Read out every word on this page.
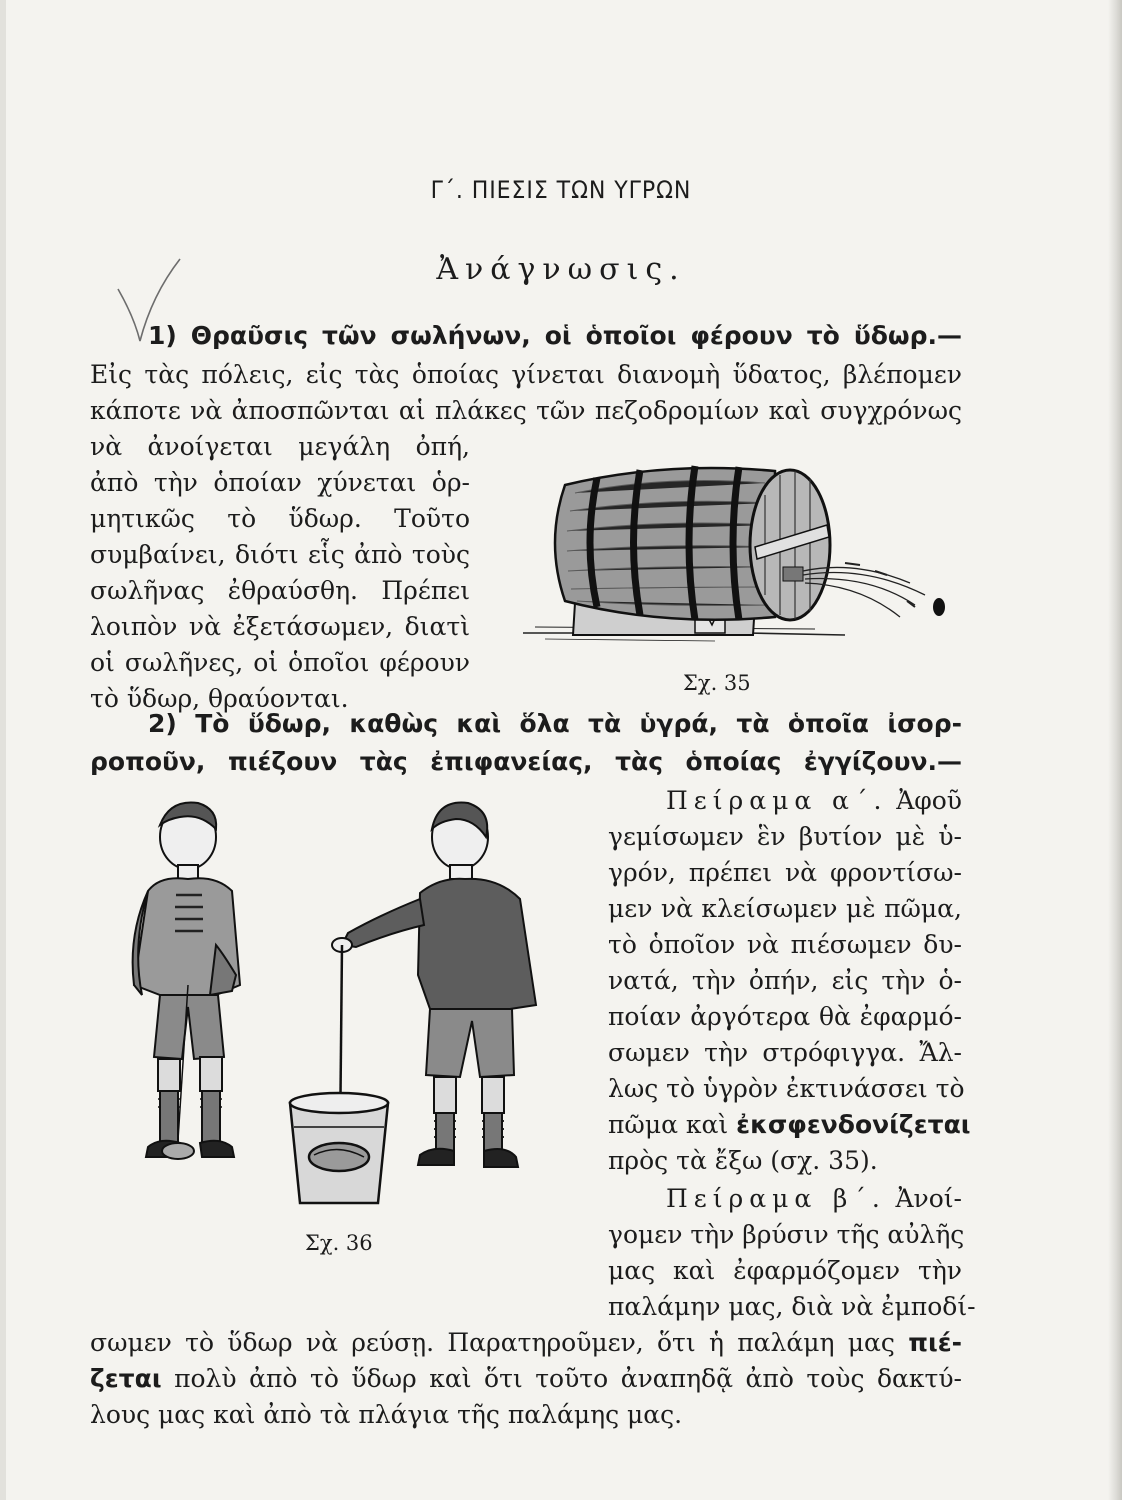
Γ΄. ΠΙΕΣΙΣ ΤΩΝ ΥΓΡΩΝ
Ἀνάγνωσις.
1) Θραῦσις τῶν σωλήνων, οἱ ὁποῖοι φέρουν τὸ ὕδωρ.—
Εἰς τὰς πόλεις, εἰς τὰς ὁποίας γίνεται διανομὴ ὕδατος, βλέπομεν
κάποτε νὰ ἀποσπῶνται αἱ πλάκες τῶν πεζοδρομίων καὶ συγχρόνως
νὰ ἀνοίγεται μεγάλη ὀπή,
ἀπὸ τὴν ὁποίαν χύνεται ὁρ-
μητικῶς τὸ ὕδωρ. Τοῦτο
συμβαίνει, διότι εἷς ἀπὸ τοὺς
σωλῆνας ἐθραύσθη. Πρέπει
λοιπὸν νὰ ἐξετάσωμεν, διατὶ
οἱ σωλῆνες, οἱ ὁποῖοι φέρουν
τὸ ὕδωρ, θραύονται.
Σχ. 35
2) Τὸ ὕδωρ, καθὼς καὶ ὅλα τὰ ὑγρά, τὰ ὁποῖα ἰσορ-
ροποῦν, πιέζουν τὰς ἐπιφανείας, τὰς ὁποίας ἐγγίζουν.—
Πείραμα α΄. Ἀφοῦ
γεμίσωμεν ἓν βυτίον μὲ ὑ-
γρόν, πρέπει νὰ φροντίσω-
μεν νὰ κλείσωμεν μὲ πῶμα,
τὸ ὁποῖον νὰ πιέσωμεν δυ-
νατά, τὴν ὀπήν, εἰς τὴν ὁ-
ποίαν ἀργότερα θὰ ἐφαρμό-
σωμεν τὴν στρόφιγγα. Ἄλ-
λως τὸ ὑγρὸν ἐκτινάσσει τὸ
πῶμα καὶ ἐκσφενδονίζεται
πρὸς τὰ ἔξω (σχ. 35).
Πείραμα β΄. Ἀνοί-
γομεν τὴν βρύσιν τῆς αὐλῆς
μας καὶ ἐφαρμόζομεν τὴν
παλάμην μας, διὰ νὰ ἐμποδί-
σωμεν τὸ ὕδωρ νὰ ρεύσῃ. Παρατηροῦμεν, ὅτι ἡ παλάμη μας πιέ-
ζεται πολὺ ἀπὸ τὸ ὕδωρ καὶ ὅτι τοῦτο ἀναπηδᾷ ἀπὸ τοὺς δακτύ-
λους μας καὶ ἀπὸ τὰ πλάγια τῆς παλάμης μας.
Σχ. 36
